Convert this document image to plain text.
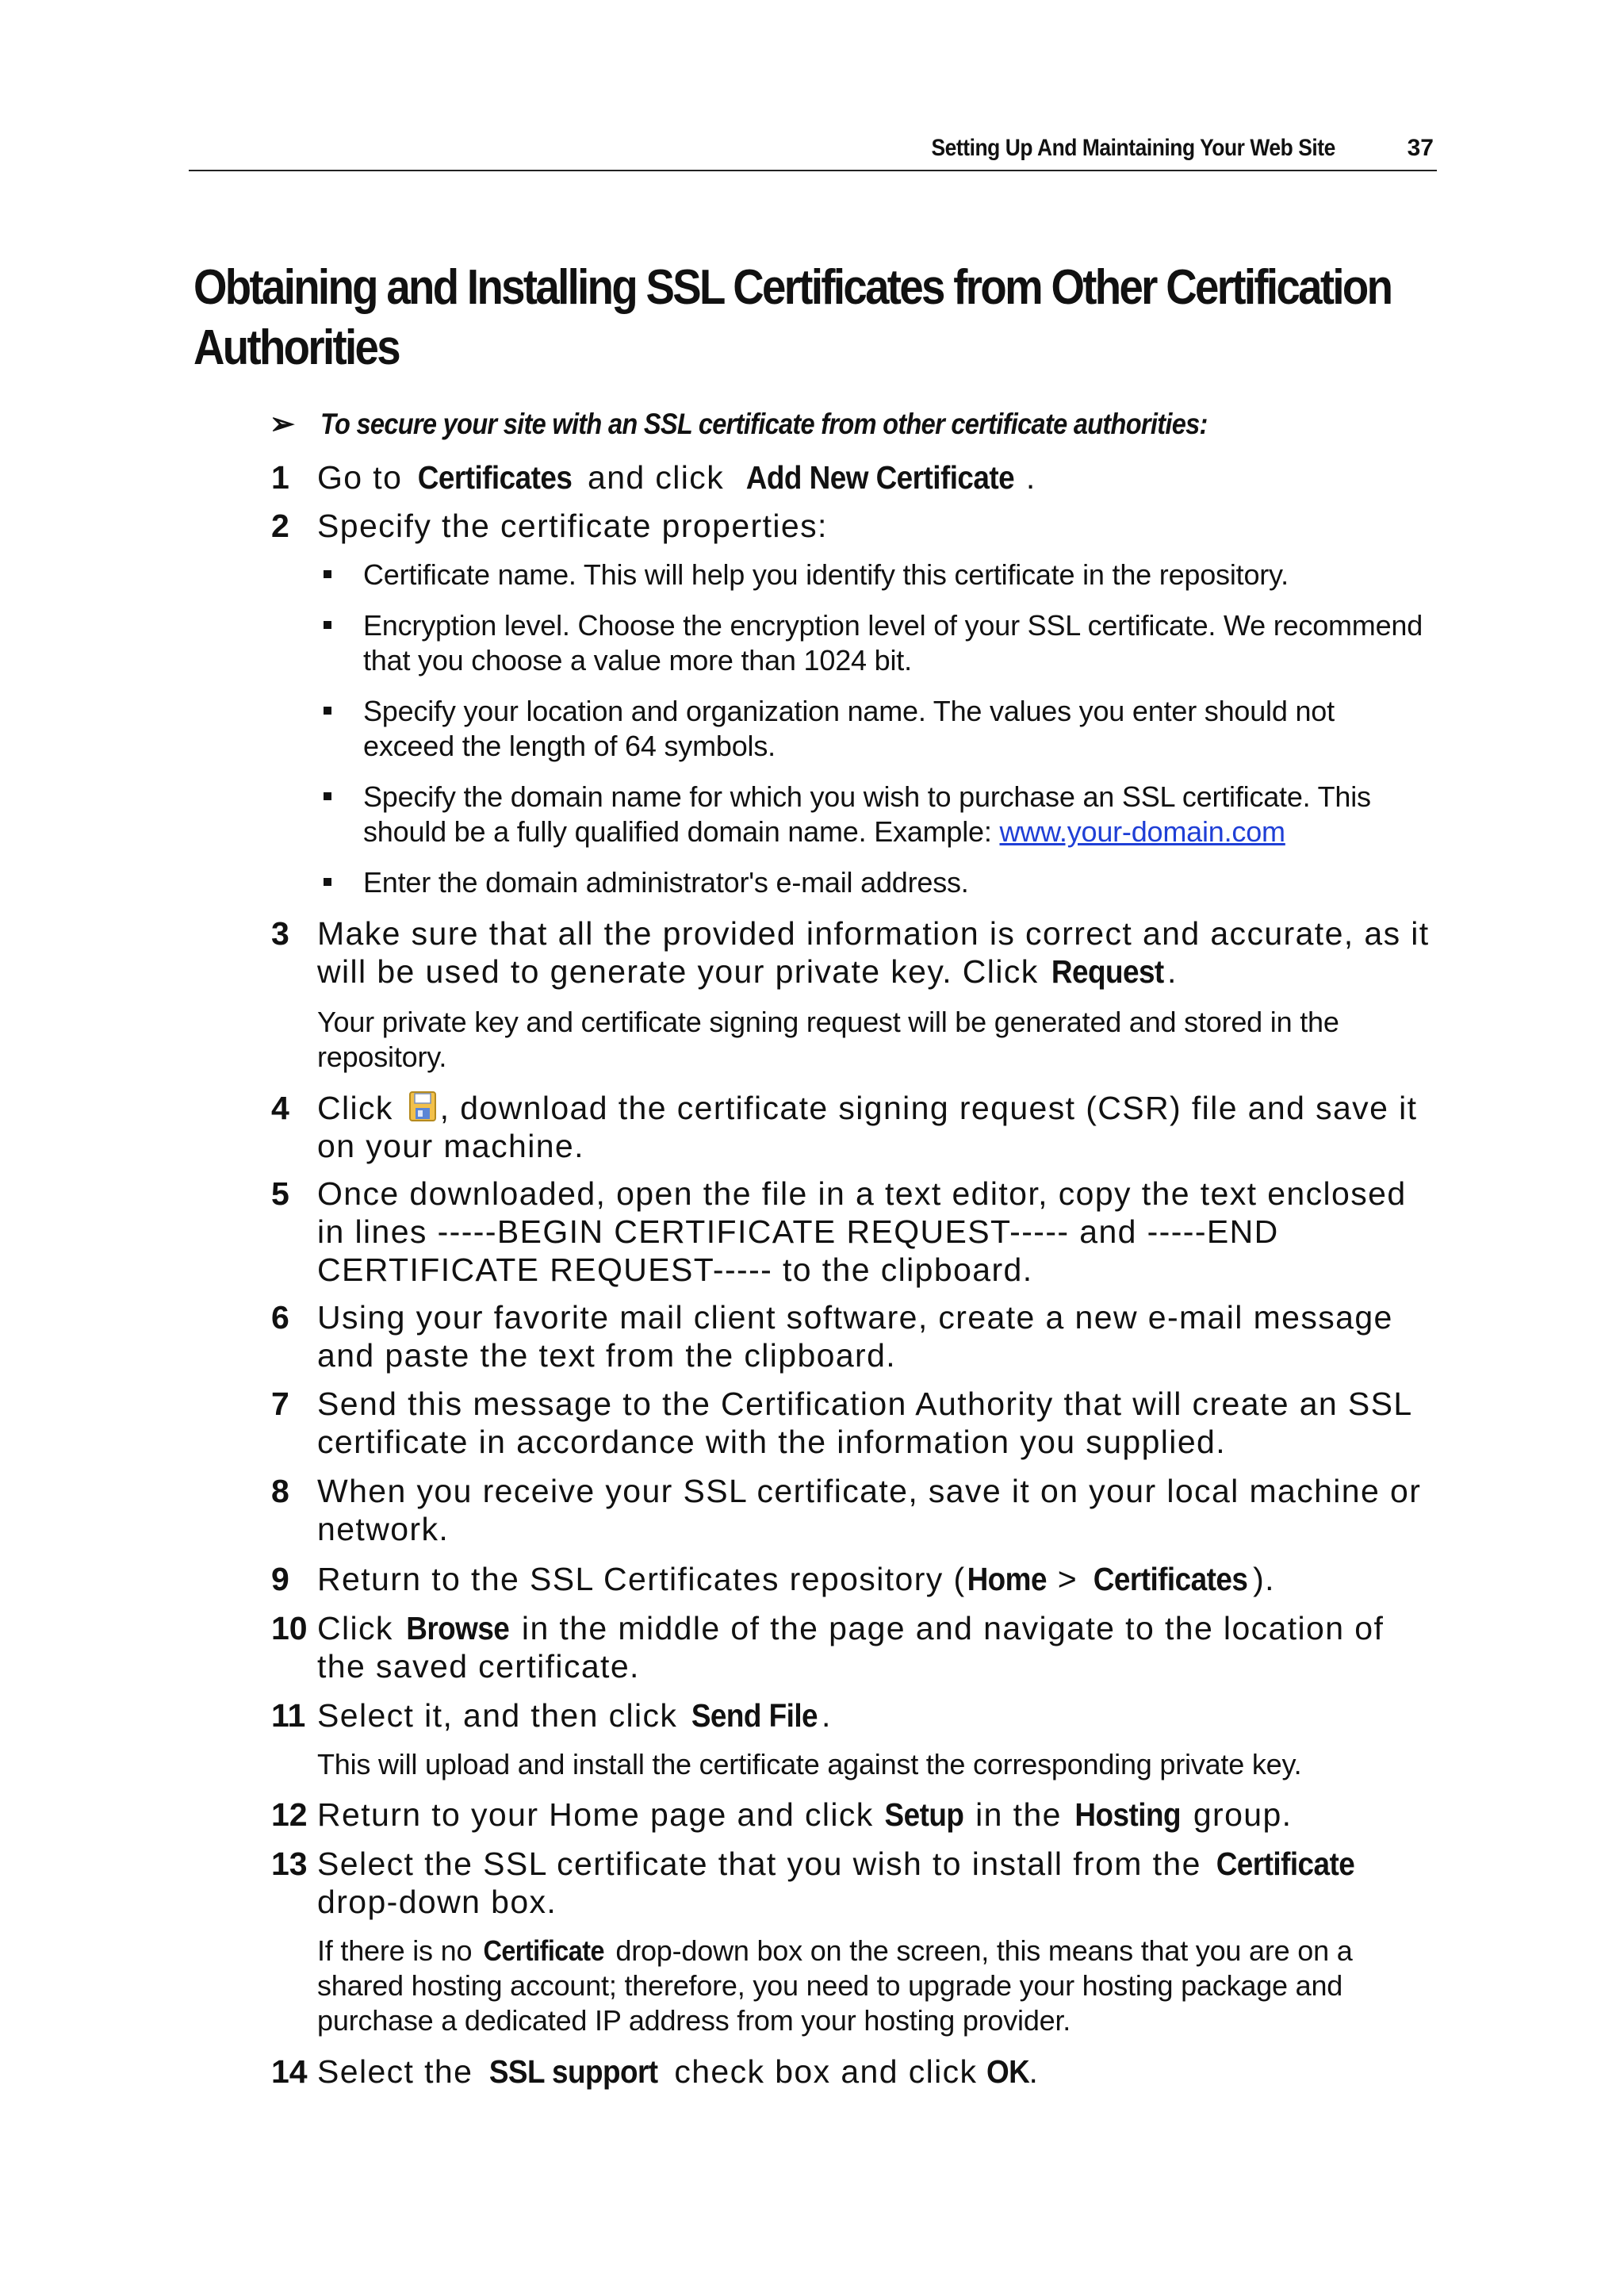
Setting Up And Maintaining Your Web Site	37
Obtaining and Installing SSL Certificates from Other Certification Authorities
➢ To secure your site with an SSL certificate from other certificate authorities:
1 Go to Certificates and click Add New Certificate .
2 Specify the certificate properties:

Certificate name. This will help you identify this certificate in the repository.

Encryption level. Choose the encryption level of your SSL certificate. We recommend that you choose a value more than 1024 bit.

Specify your location and organization name. The values you enter should not exceed the length of 64 symbols.

Specify the domain name for which you wish to purchase an SSL certificate. This should be a fully qualified domain name. Example: www.your-domain.com

Enter the domain administrator's e-mail address.

3 Make sure that all the provided information is correct and accurate, as it will be used to generate your private key. Click Request.
Your private key and certificate signing request will be generated and stored in the repository.
4 Click , download the certificate signing request (CSR) file and save it on your machine.
5 Once downloaded, open the file in a text editor, copy the text enclosed in lines -----BEGIN CERTIFICATE REQUEST----- and -----END CERTIFICATE REQUEST----- to the clipboard.
6 Using your favorite mail client software, create a new e-mail message and paste the text from the clipboard.
7 Send this message to the Certification Authority that will create an SSL certificate in accordance with the information you supplied.
8 When you receive your SSL certificate, save it on your local machine or network.
9 Return to the SSL Certificates repository (Home > Certificates ).
10 Click Browse in the middle of the page and navigate to the location of the saved certificate.
11 Select it, and then click Send File .
This will upload and install the certificate against the corresponding private key.
12 Return to your Home page and click Setup in the Hosting group.
13 Select the SSL certificate that you wish to install from the Certificate drop-down box.
If there is no Certificate drop-down box on the screen, this means that you are on a shared hosting account; therefore, you need to upgrade your hosting package and purchase a dedicated IP address from your hosting provider.
14 Select the SSL support check box and click OK.
